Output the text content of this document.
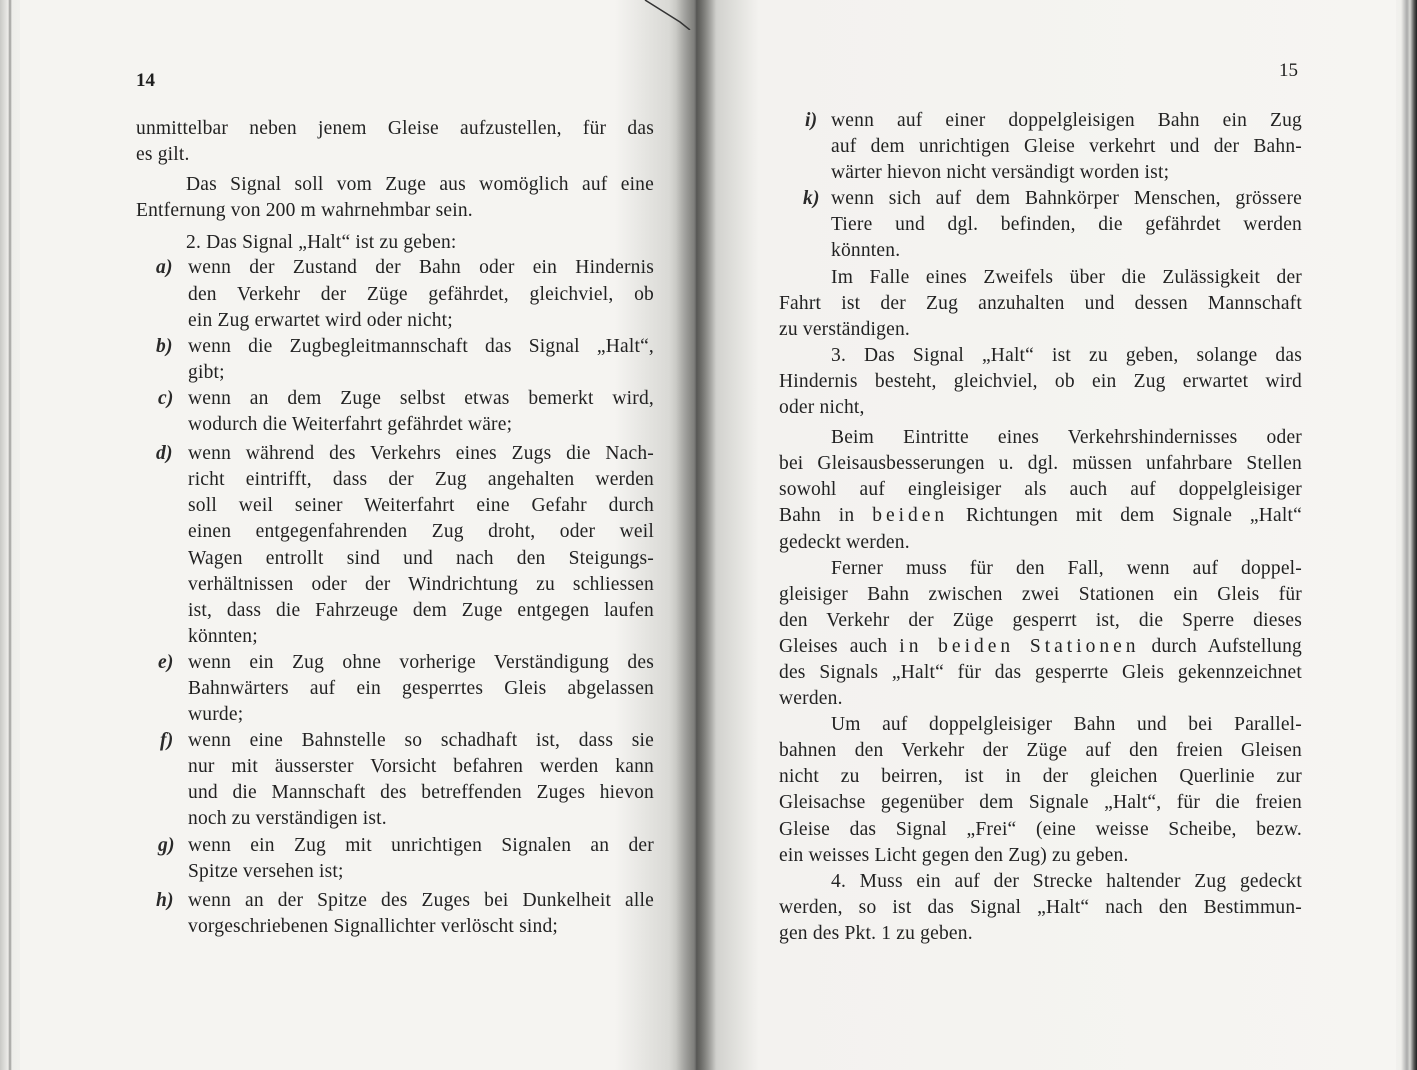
14	15

unmittelbar neben jenem Gleise aufzustellen, für das
es gilt.

Das Signal soll vom Zuge aus womöglich auf eine
Entfernung von 200 m wahrnehmbar sein.

2. Das Signal „Halt“ ist zu geben:

a) wenn der Zustand der Bahn oder ein Hindernis
den Verkehr der Züge gefährdet, gleichviel, ob
ein Zug erwartet wird oder nicht;
b) wenn die Zugbegleitmannschaft das Signal „Halt“,
gibt;
c) wenn an dem Zuge selbst etwas bemerkt wird,
wodurch die Weiterfahrt gefährdet wäre;
d) wenn während des Verkehrs eines Zugs die Nach-
richt eintrifft, dass der Zug angehalten werden
soll weil seiner Weiterfahrt eine Gefahr durch
einen entgegenfahrenden Zug droht, oder weil
Wagen entrollt sind und nach den Steigungs-
verhältnissen oder der Windrichtung zu schliessen
ist, dass die Fahrzeuge dem Zuge entgegen laufen
könnten;
e) wenn ein Zug ohne vorherige Verständigung des
Bahnwärters auf ein gesperrtes Gleis abgelassen
wurde;
f) wenn eine Bahnstelle so schadhaft ist, dass sie
nur mit äusserster Vorsicht befahren werden kann
und die Mannschaft des betreffenden Zuges hievon
noch zu verständigen ist.
g) wenn ein Zug mit unrichtigen Signalen an der
Spitze versehen ist;
h) wenn an der Spitze des Zuges bei Dunkelheit alle
vorgeschriebenen Signallichter verlöscht sind;
i) wenn auf einer doppelgleisigen Bahn ein Zug
auf dem unrichtigen Gleise verkehrt und der Bahn-
wärter hievon nicht versändigt worden ist;
k) wenn sich auf dem Bahnkörper Menschen, grössere
Tiere und dgl. befinden, die gefährdet werden
könnten.

Im Falle eines Zweifels über die Zulässigkeit der
Fahrt ist der Zug anzuhalten und dessen Mannschaft
zu verständigen.

3. Das Signal „Halt“ ist zu geben, solange das
Hindernis besteht, gleichviel, ob ein Zug erwartet wird
oder nicht,

Beim Eintritte eines Verkehrshindernisses oder
bei Gleisausbesserungen u. dgl. müssen unfahrbare Stellen
sowohl auf eingleisiger als auch auf doppelgleisiger
Bahn in beiden Richtungen mit dem Signale „Halt“
gedeckt werden.

Ferner muss für den Fall, wenn auf doppel-
gleisiger Bahn zwischen zwei Stationen ein Gleis für
den Verkehr der Züge gesperrt ist, die Sperre dieses
Gleises auch in beiden Stationen durch Aufstellung
des Signals „Halt“ für das gesperrte Gleis gekennzeichnet
werden.

Um auf doppelgleisiger Bahn und bei Parallel-
bahnen den Verkehr der Züge auf den freien Gleisen
nicht zu beirren, ist in der gleichen Querlinie zur
Gleisachse gegenüber dem Signale „Halt“, für die freien
Gleise das Signal „Frei“ (eine weisse Scheibe, bezw.
ein weisses Licht gegen den Zug) zu geben.

4. Muss ein auf der Strecke haltender Zug gedeckt
werden, so ist das Signal „Halt“ nach den Bestimmun-
gen des Pkt. 1 zu geben.
